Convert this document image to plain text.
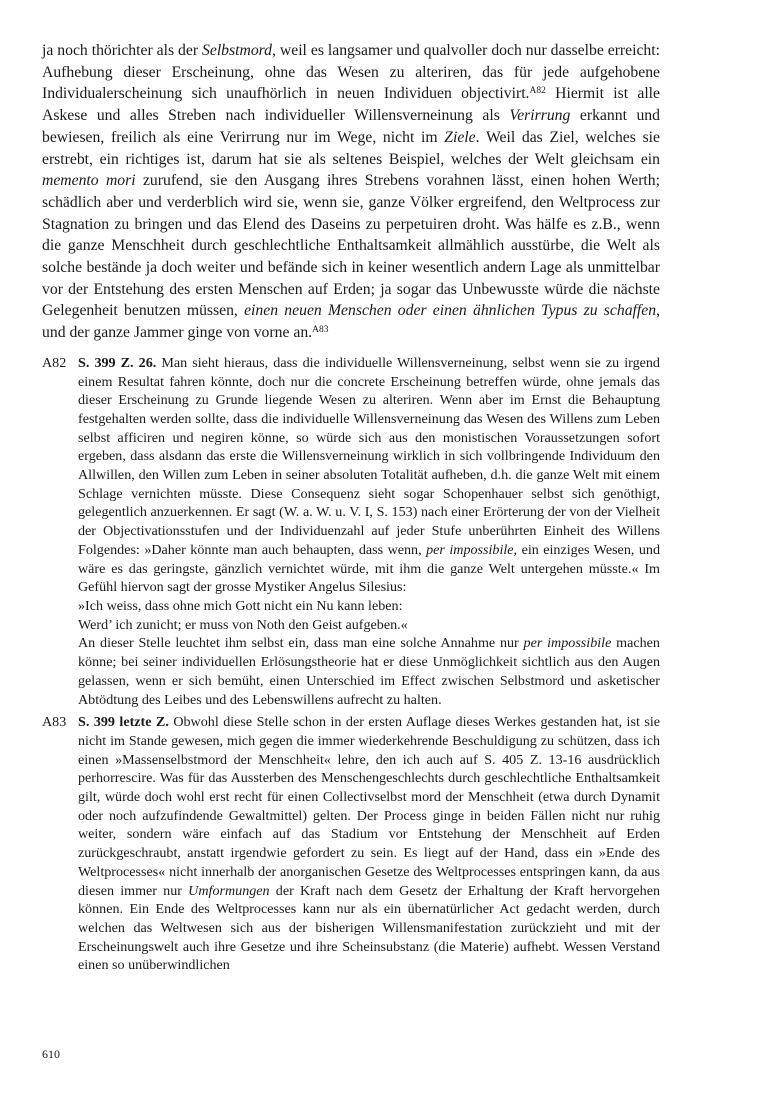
ja noch thörichter als der Selbstmord, weil es langsamer und qualvoller doch nur dasselbe erreicht: Aufhebung dieser Erscheinung, ohne das Wesen zu alteriren, das für jede aufgehobene Individualerscheinung sich unaufhörlich in neuen Individuen objectivirt.$^{A82}$ Hiermit ist alle Askese und alles Streben nach individueller Willensverneinung als Verirrung erkannt und bewiesen, freilich als eine Verirrung nur im Wege, nicht im Ziele. Weil das Ziel, welches sie erstrebt, ein richtiges ist, darum hat sie als seltenes Beispiel, welches der Welt gleichsam ein memento mori zurufend, sie den Ausgang ihres Strebens vorahnen lässt, einen hohen Werth; schädlich aber und verderblich wird sie, wenn sie, ganze Völker ergreifend, den Weltprocess zur Stagnation zu bringen und das Elend des Daseins zu perpetuiren droht. Was hälfe es z.B., wenn die ganze Menschheit durch geschlechtliche Enthaltsamkeit allmählich ausstürbe, die Welt als solche bestände ja doch weiter und befände sich in keiner wesentlich andern Lage als unmittelbar vor der Entstehung des ersten Menschen auf Erden; ja sogar das Unbewusste würde die nächste Gelegenheit benutzen müssen, einen neuen Menschen oder einen ähnlichen Typus zu schaffen, und der ganze Jammer ginge von vorne an.$^{A83}$

A82 S. 399 Z. 26. Man sieht hieraus, dass die individuelle Willensverneinung, selbst wenn sie zu irgend einem Resultat fahren könnte, doch nur die concrete Erscheinung betreffen würde, ohne jemals das dieser Erscheinung zu Grunde liegende Wesen zu alteriren. Wenn aber im Ernst die Behauptung festgehalten werden sollte, dass die individuelle Willensverneinung das Wesen des Willens zum Leben selbst afficiren und negiren könne, so würde sich aus den monistischen Voraussetzungen sofort ergeben, dass alsdann das erste die Willensverneinung wirklich in sich vollbringende Individuum den Allwillen, den Willen zum Leben in seiner absoluten Totalität aufheben, d.h. die ganze Welt mit einem Schlage vernichten müsste. Diese Consequenz sieht sogar Schopenhauer selbst sich genöthigt, gelegentlich anzuerkennen. Er sagt (W. a. W. u. V. I, S. 153) nach einer Erörterung der von der Vielheit der Objectivationsstufen und der Individuenzahl auf jeder Stufe unberührten Einheit des Willens Folgendes: »Daher könnte man auch behaupten, dass wenn, per impossibile, ein einziges Wesen, und wäre es das geringste, gänzlich vernichtet würde, mit ihm die ganze Welt untergehen müsste.« Im Gefühl hiervon sagt der grosse Mystiker Angelus Silesius:

»Ich weiss, dass ohne mich Gott nicht ein Nu kann leben:

Werd’ ich zunicht; er muss von Noth den Geist aufgeben.«

An dieser Stelle leuchtet ihm selbst ein, dass man eine solche Annahme nur per impossibile machen könne; bei seiner individuellen Erlösungstheorie hat er diese Unmöglichkeit sichtlich aus den Augen gelassen, wenn er sich bemüht, einen Unterschied im Effect zwischen Selbstmord und asketischer Abtödtung des Leibes und des Lebenswillens aufrecht zu halten.

A83 S. 399 letzte Z. Obwohl diese Stelle schon in der ersten Auflage dieses Werkes gestanden hat, ist sie nicht im Stande gewesen, mich gegen die immer wiederkehrende Beschuldigung zu schützen, dass ich einen »Massenselbstmord der Menschheit« lehre, den ich auch auf S. 405 Z. 13-16 ausdrücklich perhorrescire. Was für das Aussterben des Menschengeschlechts durch geschlechtliche Enthaltsamkeit gilt, würde doch wohl erst recht für einen Collectivselbst mord der Menschheit (etwa durch Dynamit oder noch aufzufindende Gewaltmittel) gelten. Der Process ginge in beiden Fällen nicht nur ruhig weiter, sondern wäre einfach auf das Stadium vor Entstehung der Menschheit auf Erden zurückgeschraubt, anstatt irgendwie gefordert zu sein. Es liegt auf der Hand, dass ein »Ende des Weltprocesses« nicht innerhalb der anorganischen Gesetze des Weltprocesses entspringen kann, da aus diesen immer nur Umformungen der Kraft nach dem Gesetz der Erhaltung der Kraft hervorgehen können. Ein Ende des Weltprocesses kann nur als ein übernatürlicher Act gedacht werden, durch welchen das Weltwesen sich aus der bisherigen Willensmanifestation zurückzieht und mit der Erscheinungswelt auch ihre Gesetze und ihre Scheinsubstanz (die Materie) aufhebt. Wessen Verstand einen so unüberwindlichen

610
